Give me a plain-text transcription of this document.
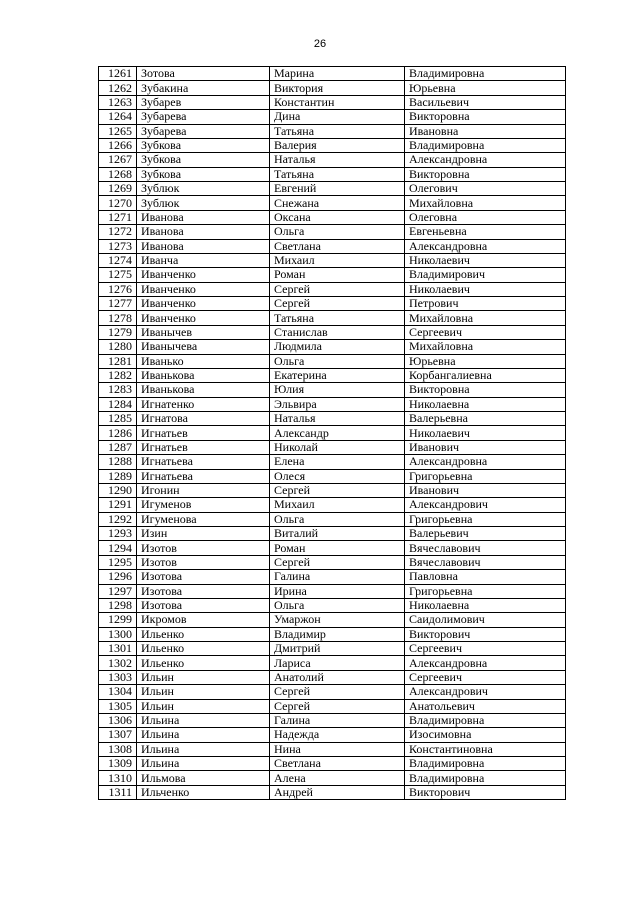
26
1261	Зотова	Марина	Владимировна
1262	Зубакина	Виктория	Юрьевна
1263	Зубарев	Константин	Васильевич
1264	Зубарева	Дина	Викторовна
1265	Зубарева	Татьяна	Ивановна
1266	Зубкова	Валерия	Владимировна
1267	Зубкова	Наталья	Александровна
1268	Зубкова	Татьяна	Викторовна
1269	Зублюк	Евгений	Олегович
1270	Зублюк	Снежана	Михайловна
1271	Иванова	Оксана	Олеговна
1272	Иванова	Ольга	Евгеньевна
1273	Иванова	Светлана	Александровна
1274	Иванча	Михаил	Николаевич
1275	Иванченко	Роман	Владимирович
1276	Иванченко	Сергей	Николаевич
1277	Иванченко	Сергей	Петрович
1278	Иванченко	Татьяна	Михайловна
1279	Иванычев	Станислав	Сергеевич
1280	Иванычева	Людмила	Михайловна
1281	Иванько	Ольга	Юрьевна
1282	Иванькова	Екатерина	Корбангалиевна
1283	Иванькова	Юлия	Викторовна
1284	Игнатенко	Эльвира	Николаевна
1285	Игнатова	Наталья	Валерьевна
1286	Игнатьев	Александр	Николаевич
1287	Игнатьев	Николай	Иванович
1288	Игнатьева	Елена	Александровна
1289	Игнатьева	Олеся	Григорьевна
1290	Игонин	Сергей	Иванович
1291	Игуменов	Михаил	Александрович
1292	Игуменова	Ольга	Григорьевна
1293	Изин	Виталий	Валерьевич
1294	Изотов	Роман	Вячеславович
1295	Изотов	Сергей	Вячеславович
1296	Изотова	Галина	Павловна
1297	Изотова	Ирина	Григорьевна
1298	Изотова	Ольга	Николаевна
1299	Икромов	Умаржон	Саидолимович
1300	Ильенко	Владимир	Викторович
1301	Ильенко	Дмитрий	Сергеевич
1302	Ильенко	Лариса	Александровна
1303	Ильин	Анатолий	Сергеевич
1304	Ильин	Сергей	Александрович
1305	Ильин	Сергей	Анатольевич
1306	Ильина	Галина	Владимировна
1307	Ильина	Надежда	Изосимовна
1308	Ильина	Нина	Константиновна
1309	Ильина	Светлана	Владимировна
1310	Ильмова	Алена	Владимировна
1311	Ильченко	Андрей	Викторович
